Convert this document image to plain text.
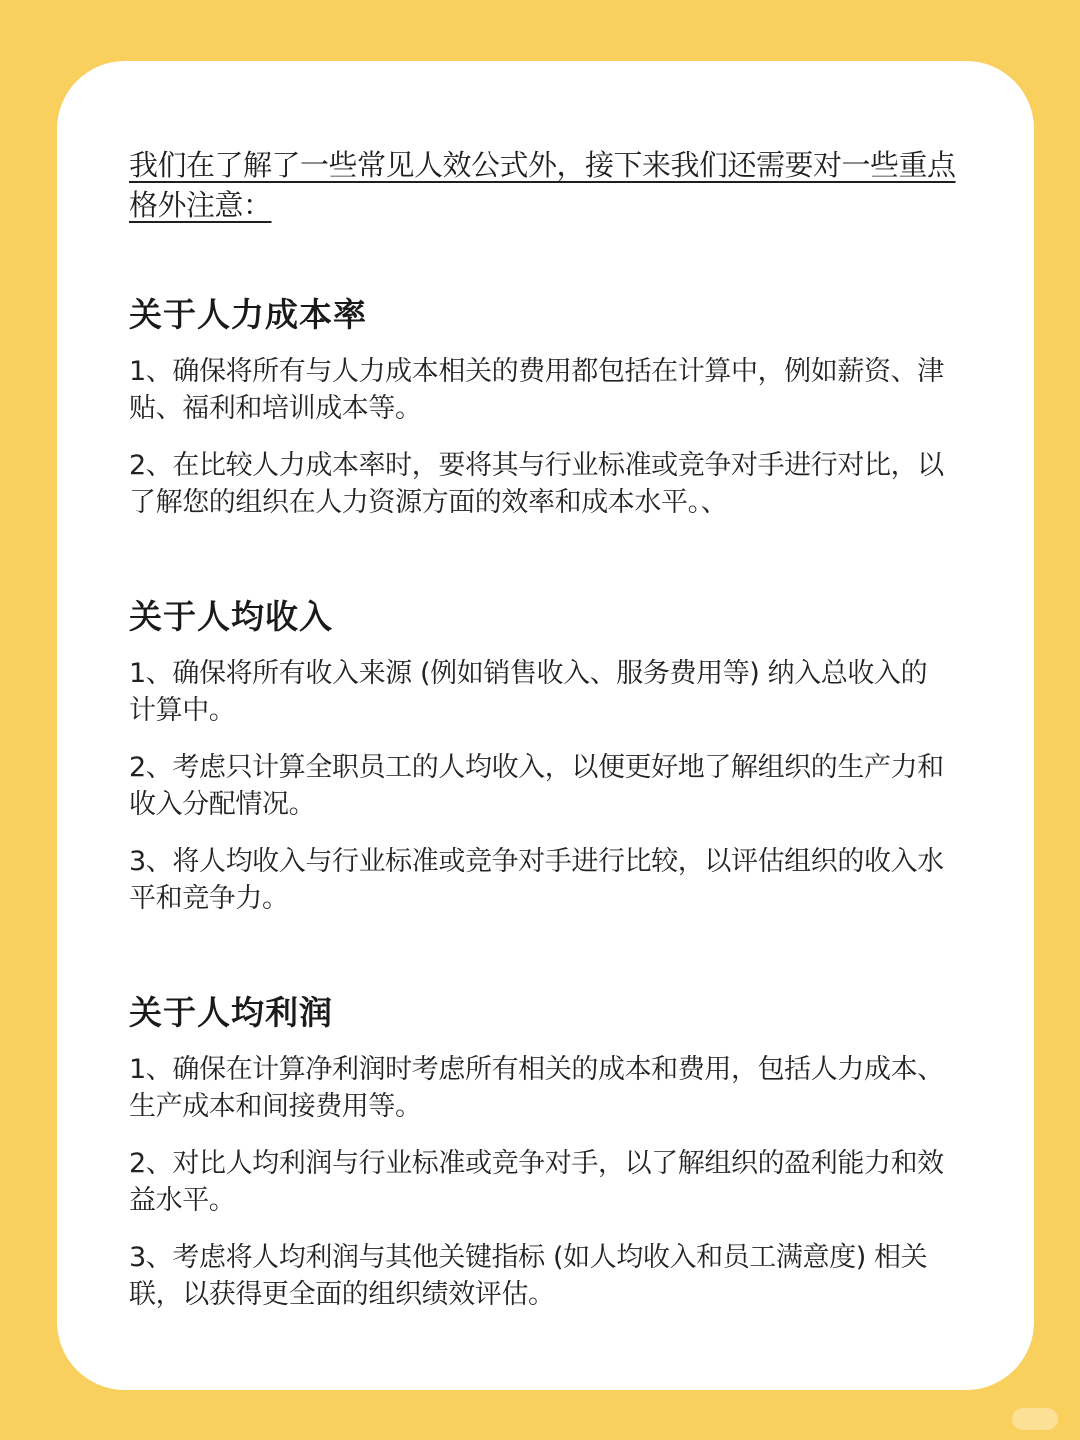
我们在了解了一些常见人效公式外，接下来我们还需要对一些重点格外注意：

关于人力成本率

1、确保将所有与人力成本相关的费用都包括在计算中，例如薪资、津贴、福利和培训成本等。

2、在比较人力成本率时，要将其与行业标准或竞争对手进行对比，以了解您的组织在人力资源方面的效率和成本水平。、

关于人均收入

1、确保将所有收入来源 (例如销售收入、服务费用等) 纳入总收入的计算中。

2、考虑只计算全职员工的人均收入，以便更好地了解组织的生产力和收入分配情况。

3、将人均收入与行业标准或竞争对手进行比较，以评估组织的收入水平和竞争力。

关于人均利润

1、确保在计算净利润时考虑所有相关的成本和费用，包括人力成本、生产成本和间接费用等。

2、对比人均利润与行业标准或竞争对手，以了解组织的盈利能力和效益水平。

3、考虑将人均利润与其他关键指标 (如人均收入和员工满意度) 相关联，以获得更全面的组织绩效评估。
